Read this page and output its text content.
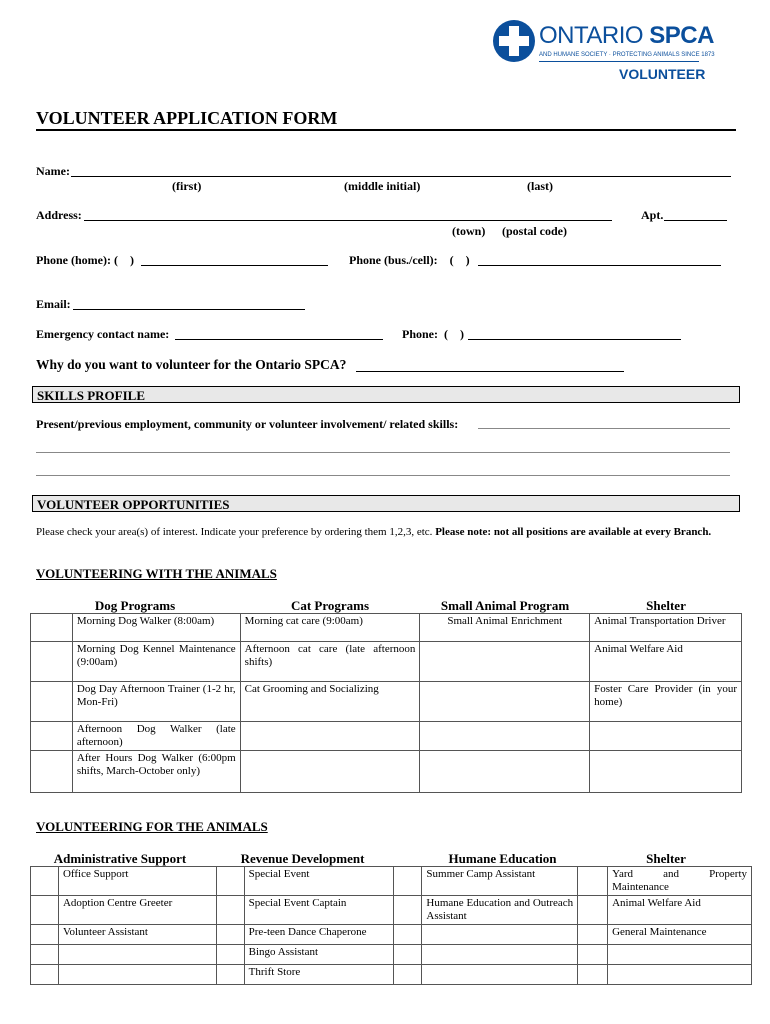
ONTARIO SPCA
AND HUMANE SOCIETY · PROTECTING ANIMALS SINCE 1873
VOLUNTEER
VOLUNTEER APPLICATION FORM
Name:
(first)	(middle initial)	(last)
Address:	Apt.
(town) (postal code)
Phone (home): (    )	Phone (bus./cell):    (    )
Email:
Emergency contact name:	Phone:  (    )
Why do you want to volunteer for the Ontario SPCA?
SKILLS PROFILE
Present/previous employment, community or volunteer involvement/ related skills:
VOLUNTEER OPPORTUNITIES
Please check your area(s) of interest. Indicate your preference by ordering them 1,2,3, etc. Please note: not all positions are available at every Branch.
VOLUNTEERING WITH THE ANIMALS
Dog Programs	Cat Programs	Small Animal Program	Shelter
	Morning Dog Walker (8:00am)	Morning cat care (9:00am)	Small Animal Enrichment	Animal Transportation Driver
	Morning Dog Kennel Maintenance (9:00am)	Afternoon cat care (late afternoon shifts)		Animal Welfare Aid
	Dog Day Afternoon Trainer (1-2 hr, Mon-Fri)	Cat Grooming and Socializing		Foster Care Provider (in your home)
	Afternoon Dog Walker (late afternoon)			
	After Hours Dog Walker (6:00pm shifts, March-October only)			
VOLUNTEERING FOR THE ANIMALS
Administrative Support	Revenue Development	Humane Education	Shelter
	Office Support		Special Event		Summer Camp Assistant		Yard and Property Maintenance
	Adoption Centre Greeter		Special Event Captain		Humane Education and Outreach Assistant		Animal Welfare Aid
	Volunteer Assistant		Pre-teen Dance Chaperone				General Maintenance
			Bingo Assistant				
			Thrift Store				
